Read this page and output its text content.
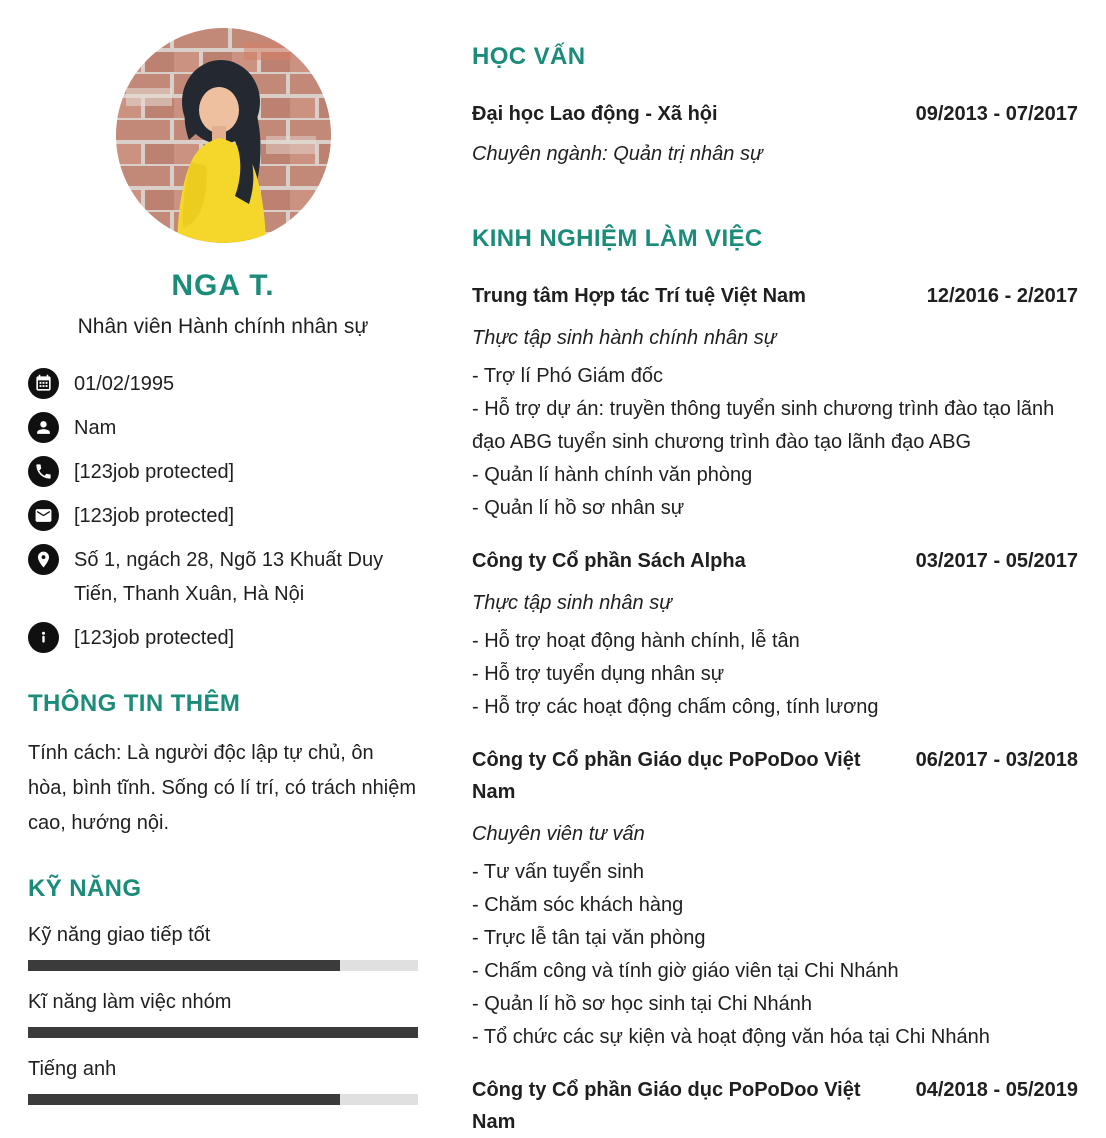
NGA T.
Nhân viên Hành chính nhân sự
01/02/1995
Nam
[123job protected]
[123job protected]
Số 1, ngách 28, Ngõ 13 Khuất Duy Tiến, Thanh Xuân, Hà Nội
[123job protected]
THÔNG TIN THÊM
Tính cách: Là người độc lập tự chủ, ôn hòa, bình tĩnh. Sống có lí trí, có trách nhiệm cao, hướng nội.
KỸ NĂNG
Kỹ năng giao tiếp tốt
Kĩ năng làm việc nhóm
Tiếng anh
HỌC VẤN
Đại học Lao động - Xã hội	09/2013 - 07/2017
Chuyên ngành: Quản trị nhân sự
KINH NGHIỆM LÀM VIỆC
Trung tâm Hợp tác Trí tuệ Việt Nam	12/2016 - 2/2017
Thực tập sinh hành chính nhân sự
- Trợ lí Phó Giám đốc
- Hỗ trợ dự án: truyền thông tuyển sinh chương trình đào tạo lãnh đạo ABG tuyển sinh chương trình đào tạo lãnh đạo ABG
- Quản lí hành chính văn phòng
- Quản lí hồ sơ nhân sự
Công ty Cổ phần Sách Alpha	03/2017 - 05/2017
Thực tập sinh nhân sự
- Hỗ trợ hoạt động hành chính, lễ tân
- Hỗ trợ tuyển dụng nhân sự
- Hỗ trợ các hoạt động chấm công, tính lương
Công ty Cổ phần Giáo dục PoPoDoo Việt Nam
06/2017 - 03/2018
Chuyên viên tư vấn
- Tư vấn tuyển sinh
- Chăm sóc khách hàng
- Trực lễ tân tại văn phòng
- Chấm công và tính giờ giáo viên tại Chi Nhánh
- Quản lí hồ sơ học sinh tại Chi Nhánh
- Tổ chức các sự kiện và hoạt động văn hóa tại Chi Nhánh
Công ty Cổ phần Giáo dục PoPoDoo Việt Nam
04/2018 - 05/2019
